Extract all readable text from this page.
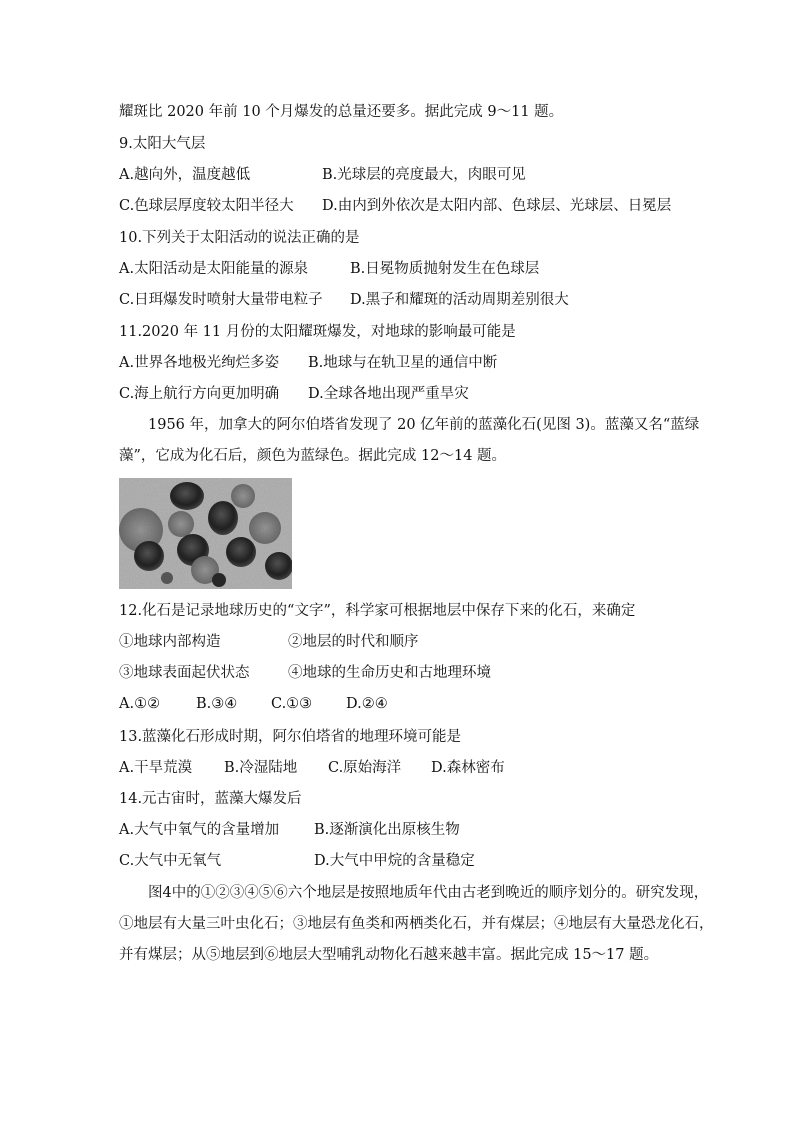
耀斑比 2020 年前 10 个月爆发的总量还要多。据此完成 9～11 题。
9.太阳大气层
A.越向外，温度越低	B.光球层的亮度最大，肉眼可见
C.色球层厚度较太阳半径大 D.由内到外依次是太阳内部、色球层、光球层、日冕层
10.下列关于太阳活动的说法正确的是
A.太阳活动是太阳能量的源泉	B.日冕物质抛射发生在色球层
C.日珥爆发时喷射大量带电粒子 D.黑子和耀斑的活动周期差别很大
11.2020 年 11 月份的太阳耀斑爆发，对地球的影响最可能是
A.世界各地极光绚烂多姿 B.地球与在轨卫星的通信中断
C.海上航行方向更加明确 D.全球各地出现严重旱灾
1956 年，加拿大的阿尔伯塔省发现了 20 亿年前的蓝藻化石(见图 3)。蓝藻又名“蓝绿
藻”，它成为化石后，颜色为蓝绿色。据此完成 12～14 题。
12.化石是记录地球历史的“文字”，科学家可根据地层中保存下来的化石，来确定
①地球内部构造	②地层的时代和顺序
③地球表面起伏状态	④地球的生命历史和古地理环境
A.①② B.③④ C.①③ D.②④
13.蓝藻化石形成时期，阿尔伯塔省的地理环境可能是
A.干旱荒漠 B.冷湿陆地 C.原始海洋 D.森林密布
14.元古宙时，蓝藻大爆发后
A.大气中氧气的含量增加 B.逐渐演化出原核生物
C.大气中无氧气	D.大气中甲烷的含量稳定
图4中的①②③④⑤⑥六个地层是按照地质年代由古老到晚近的顺序划分的。研究发现，
①地层有大量三叶虫化石；③地层有鱼类和两栖类化石，并有煤层；④地层有大量恐龙化石，
并有煤层；从⑤地层到⑥地层大型哺乳动物化石越来越丰富。据此完成 15～17 题。
